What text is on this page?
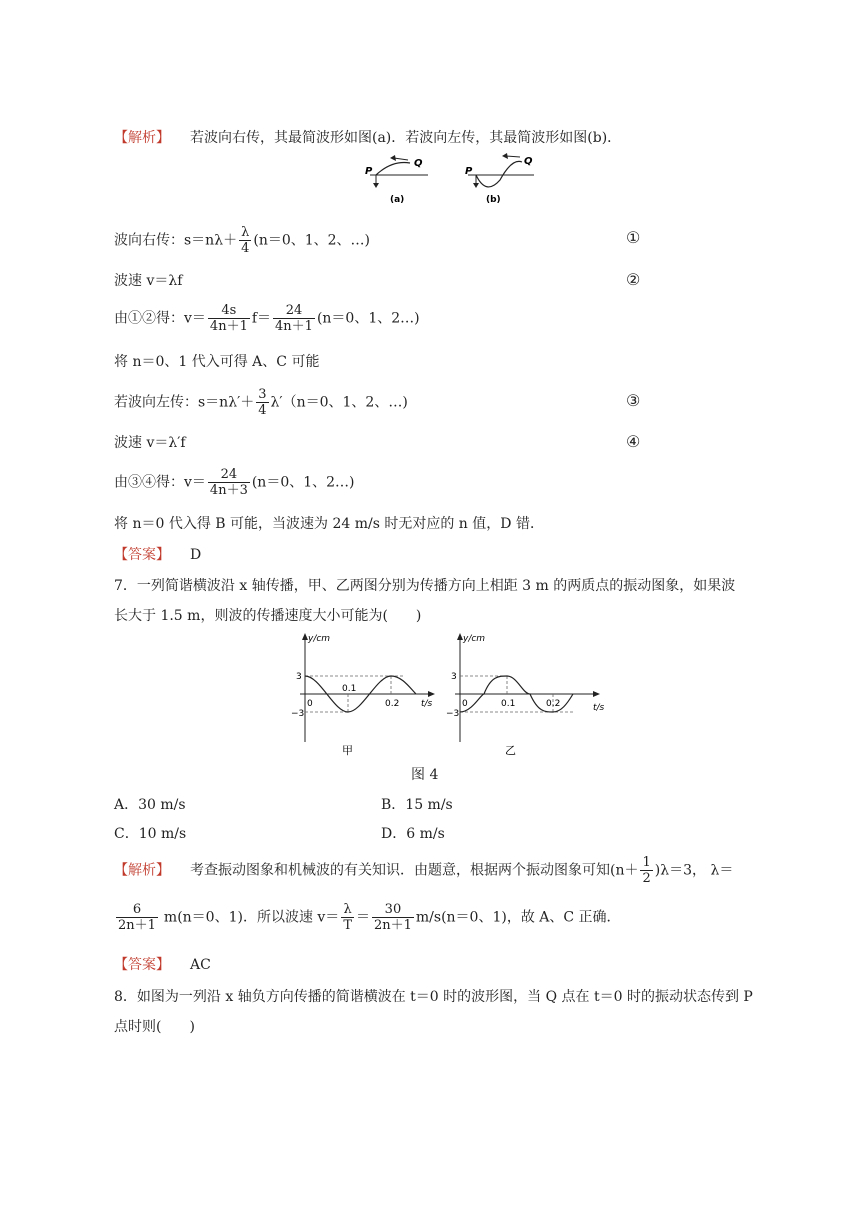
【解析】 若波向右传，其最简波形如图(a)．若波向左传，其最简波形如图(b)．
P
Q
(a)
P
Q
(b)
波向右传：$s=n\lambda+ \frac{\lambda}{4} (n=0$、1、2、…)	①
波速 v＝λf	②
由①②得：$v= \frac{4s}{4n+1} f= \frac{24}{4n+1} (n=0$、1、2…)
将 n＝0、1 代入可得 A、C 可能
若波向左传：$s=n\lambda'+ \frac{3}{4} \lambda'(n=0$、1、2、…)	③
波速 v＝λ′f	④
由③④得：$v= \frac{24}{4n+3} (n=0$、1、2…)
将 n＝0 代入得 B 可能，当波速为 24 m/s 时无对应的 n 值，D 错．
【答案】 D
7．一列简谐横波沿 x 轴传播，甲、乙两图分别为传播方向上相距 3 m 的两质点的振动图象，如果波
长大于 1.5 m，则波的传播速度大小可能为(　　)
y/cm
t/s
3
−3
0
0.1
0.2
甲
y/cm
t/s
3
−3
0	0.1	0.2
乙
图 4
A．30 m/s	B．15 m/s
C．10 m/s	D．6 m/s
【解析】 考查振动图象和机械波的有关知识．由题意，根据两个振动图象可知$(n+ \frac{1}{2} )\lambda=3$， λ＝
$\frac{6}{2n+1} m(n=0$、1)．所以波速 $v= \frac{\lambda}{T} = \frac{30}{2n+1} m/s(n=0$、1)，故 A、C 正确．
【答案】 AC
8．如图为一列沿 x 轴负方向传播的简谐横波在 t＝0 时的波形图，当 Q 点在 t＝0 时的振动状态传到 P
点时则(　　)
